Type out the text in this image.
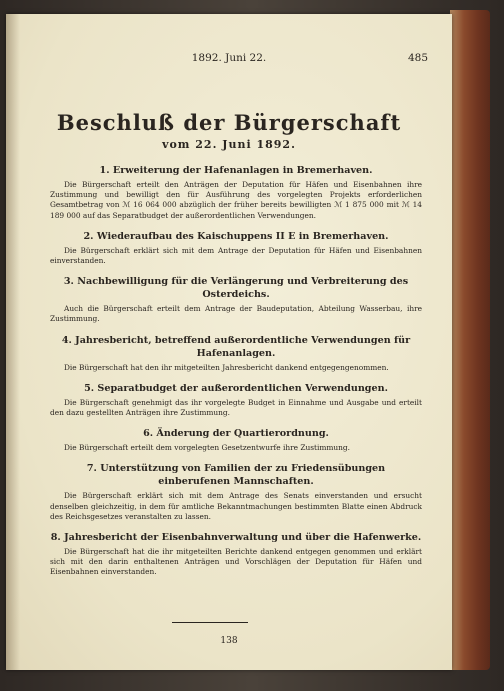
1892. Juni 22.	485
Beschluß der Bürgerschaft
vom 22. Juni 1892.
1. Erweiterung der Hafenanlagen in Bremerhaven.
Die Bürgerschaft erteilt den Anträgen der Deputation für Häfen und Eisenbahnen ihre Zustimmung und bewilligt den für Ausführung des vorgelegten Projekts erforderlichen Gesamtbetrag von ℳ 16 064 000 abzüglich der früher bereits bewilligten ℳ 1 875 000 mit ℳ 14 189 000 auf das Separatbudget der außerordentlichen Verwendungen.
2. Wiederaufbau des Kaischuppens II E in Bremerhaven.
Die Bürgerschaft erklärt sich mit dem Antrage der Deputation für Häfen und Eisenbahnen einverstanden.
3. Nachbewilligung für die Verlängerung und Verbreiterung des Osterdeichs.
Auch die Bürgerschaft erteilt dem Antrage der Baudeputation, Abteilung Wasserbau, ihre Zustimmung.
4. Jahresbericht, betreffend außerordentliche Verwendungen für Hafenanlagen.
Die Bürgerschaft hat den ihr mitgeteilten Jahresbericht dankend entgegengenommen.
5. Separatbudget der außerordentlichen Verwendungen.
Die Bürgerschaft genehmigt das ihr vorgelegte Budget in Einnahme und Ausgabe und erteilt den dazu gestellten Anträgen ihre Zustimmung.
6. Änderung der Quartierordnung.
Die Bürgerschaft erteilt dem vorgelegten Gesetzentwurfe ihre Zustimmung.
7. Unterstützung von Familien der zu Friedensübungen einberufenen Mannschaften.
Die Bürgerschaft erklärt sich mit dem Antrage des Senats einverstanden und ersucht denselben gleichzeitig, in dem für amtliche Bekanntmachungen bestimmten Blatte einen Abdruck des Reichsgesetzes veranstalten zu lassen.
8. Jahresbericht der Eisenbahnverwaltung und über die Hafenwerke.
Die Bürgerschaft hat die ihr mitgeteilten Berichte dankend entgegen genommen und erklärt sich mit den darin enthaltenen Anträgen und Vorschlägen der Deputation für Häfen und Eisenbahnen einverstanden.
138
